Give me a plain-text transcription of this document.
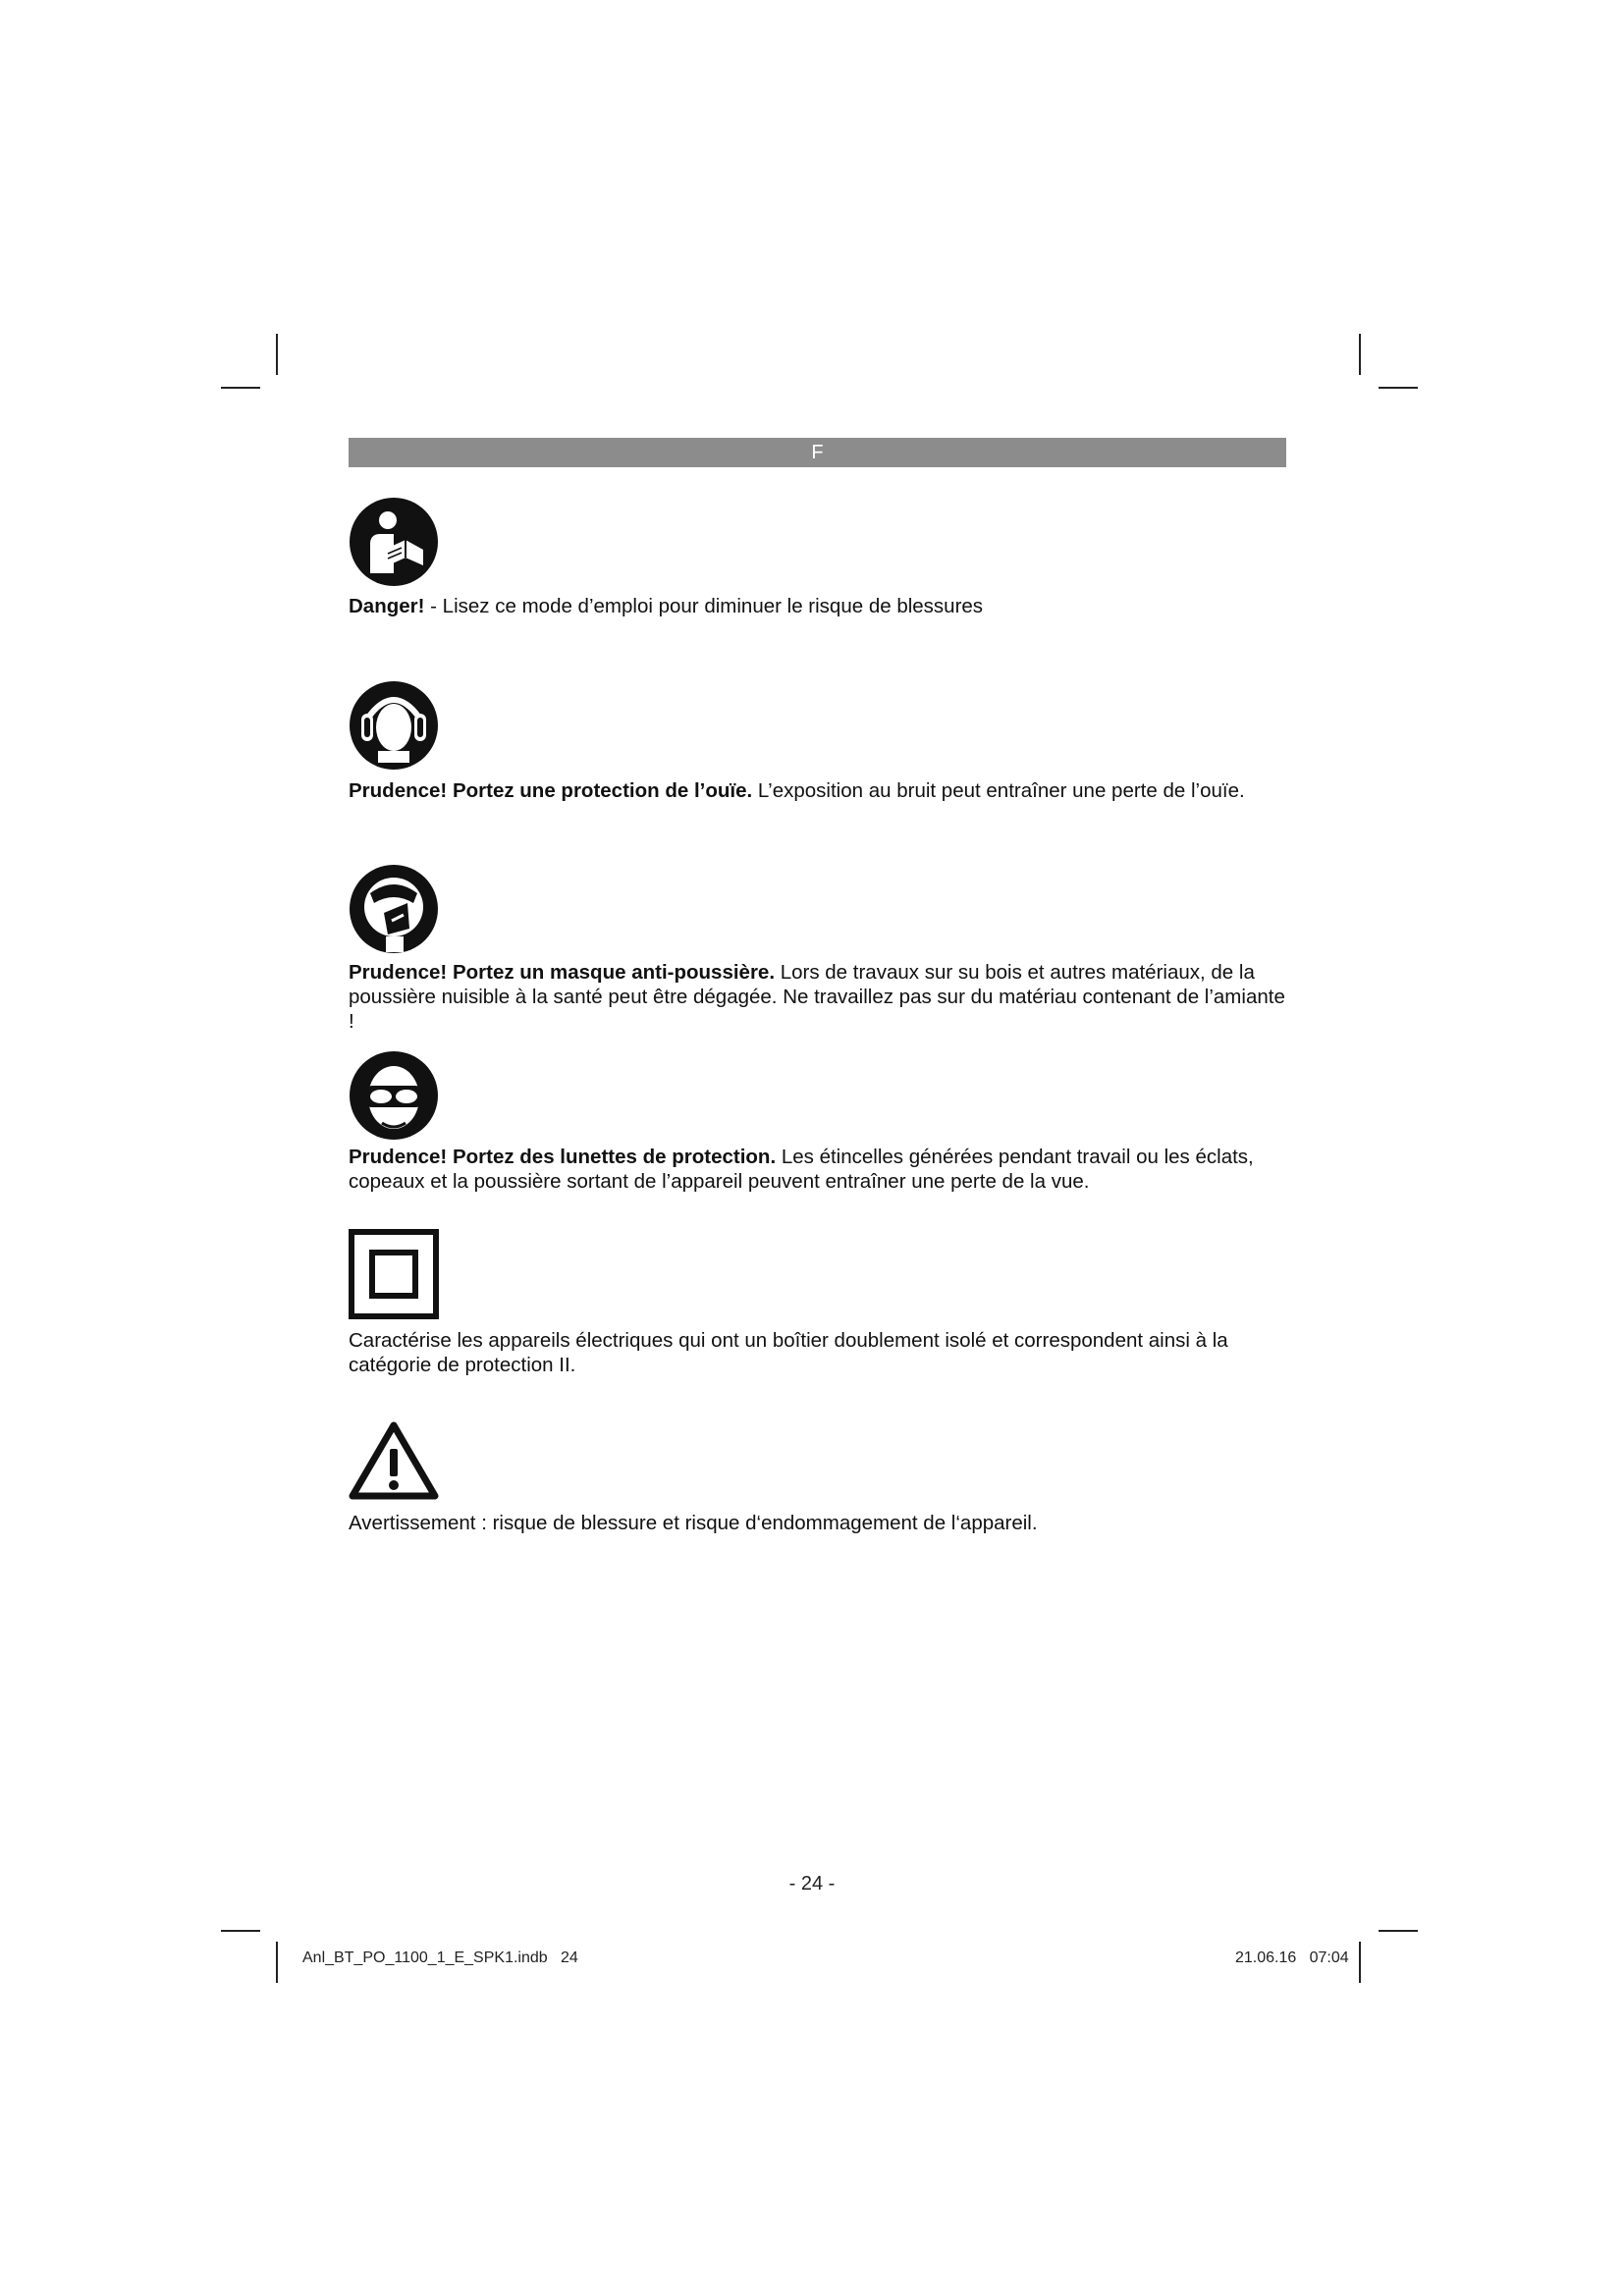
F

Danger! - Lisez ce mode d’emploi pour diminuer le risque de blessures

Prudence! Portez une protection de l’ouïe. L’exposition au bruit peut entraîner une perte de l’ouïe.

Prudence! Portez un masque anti-poussière. Lors de travaux sur su bois et autres matériaux, de la poussière nuisible à la santé peut être dégagée. Ne travaillez pas sur du matériau contenant de l’amiante !

Prudence! Portez des lunettes de protection. Les étincelles générées pendant travail ou les éclats, copeaux et la poussière sortant de l’appareil peuvent entraîner une perte de la vue.

Caractérise les appareils électriques qui ont un boîtier doublement isolé et correspondent ainsi à la catégorie de protection II.

Avertissement : risque de blessure et risque d‘endommagement de l‘appareil.

- 24 -
Anl_BT_PO_1100_1_E_SPK1.indb   24	21.06.16   07:04
